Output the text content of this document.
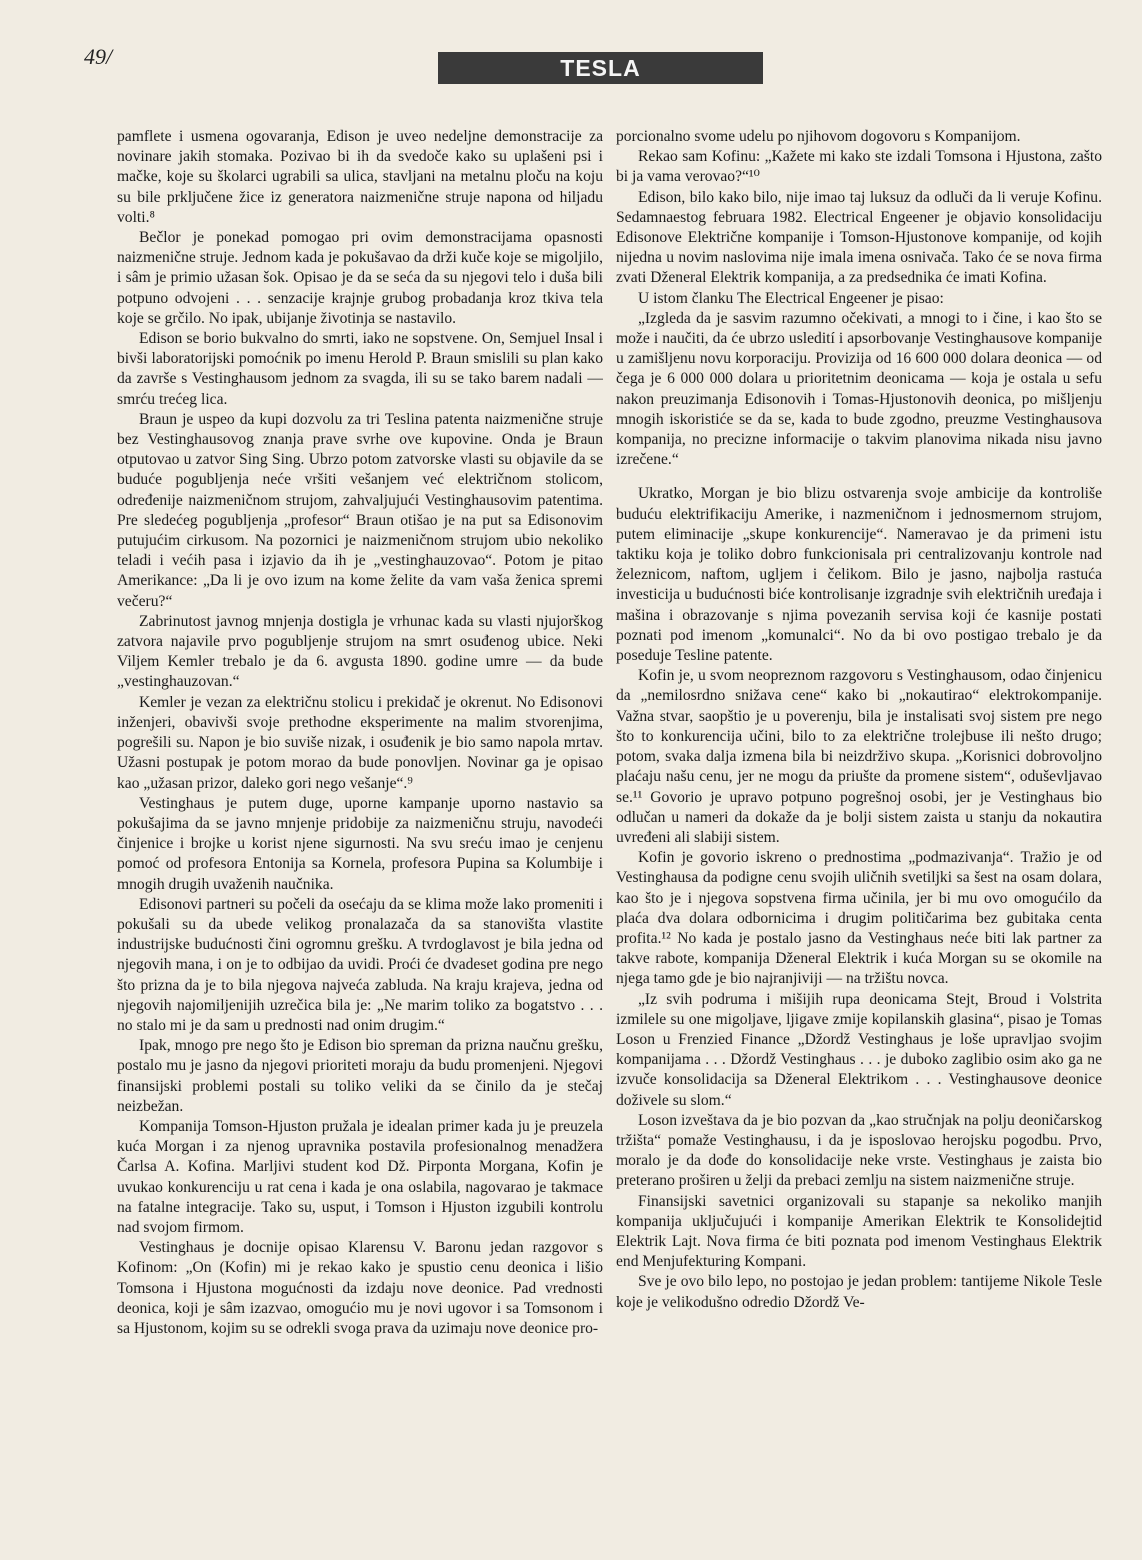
49/	TESLA

pamflete i usmena ogovaranja, Edison je uveo nedeljne demonstracije za novinare jakih stomaka. Pozivao bi ih da svedoče kako su uplašeni psi i mačke, koje su školarci ugrabili sa ulica, stavljani na metalnu ploču na koju su bile prključene žice iz generatora naizmenične struje napona od hiljadu volti.⁸

Bečlor je ponekad pomogao pri ovim demonstracijama opasnosti naizmenične struje. Jednom kada je pokušavao da drži kuče koje se migoljilo, i sâm je primio užasan šok. Opisao je da se seća da su njegovi telo i duša bili potpuno odvojeni . . . senzacije krajnje grubog probadanja kroz tkiva tela koje se grčilo. No ipak, ubijanje životinja se nastavilo.

Edison se borio bukvalno do smrti, iako ne sopstvene. On, Semjuel Insal i bivši laboratorijski pomoćnik po imenu Herold P. Braun smislili su plan kako da završe s Vestinghausom jednom za svagda, ili su se tako barem nadali — smrću trećeg lica.

Braun je uspeo da kupi dozvolu za tri Teslina patenta naizmenične struje bez Vestinghausovog znanja prave svrhe ove kupovine. Onda je Braun otputovao u zatvor Sing Sing. Ubrzo potom zatvorske vlasti su objavile da se buduće pogubljenja neće vršiti vešanjem već električnom stolicom, određenije naizmeničnom strujom, zahvaljujući Vestinghausovim patentima. Pre sledećeg pogubljenja „profesor“ Braun otišao je na put sa Edisonovim putujućim cirkusom. Na pozornici je naizmeničnom strujom ubio nekoliko teladi i većih pasa i izjavio da ih je „vestinghauzovao“. Potom je pitao Amerikance: „Da li je ovo izum na kome želite da vam vaša ženica spremi večeru?“

Zabrinutost javnog mnjenja dostigla je vrhunac kada su vlasti njujorškog zatvora najavile prvo pogubljenje strujom na smrt osuđenog ubice. Neki Viljem Kemler trebalo je da 6. avgusta 1890. godine umre — da bude „vestinghauzovan.“

Kemler je vezan za električnu stolicu i prekidač je okrenut. No Edisonovi inženjeri, obavivši svoje prethodne eksperimente na malim stvorenjima, pogrešili su. Napon je bio suviše nizak, i osuđenik je bio samo napola mrtav. Užasni postupak je potom morao da bude ponovljen. Novinar ga je opisao kao „užasan prizor, daleko gori nego vešanje“.⁹

Vestinghaus je putem duge, uporne kampanje uporno nastavio sa pokušajima da se javno mnjenje pridobije za naizmeničnu struju, navodeći činjenice i brojke u korist njene sigurnosti. Na svu sreću imao je cenjenu pomoć od profesora Entonija sa Kornela, profesora Pupina sa Kolumbije i mnogih drugih uvaženih naučnika.

Edisonovi partneri su počeli da osećaju da se klima može lako promeniti i pokušali su da ubede velikog pronalazača da sa stanovišta vlastite industrijske budućnosti čini ogromnu grešku. A tvrdoglavost je bila jedna od njegovih mana, i on je to odbijao da uvidi. Proći će dvadeset godina pre nego što prizna da je to bila njegova najveća zabluda. Na kraju krajeva, jedna od njegovih najomiljenijih uzrečica bila je: „Ne marim toliko za bogatstvo . . . no stalo mi je da sam u prednosti nad onim drugim.“

Ipak, mnogo pre nego što je Edison bio spreman da prizna naučnu grešku, postalo mu je jasno da njegovi prioriteti moraju da budu promenjeni. Njegovi finansijski problemi postali su toliko veliki da se činilo da je stečaj neizbežan.

Kompanija Tomson-Hjuston pružala je idealan primer kada ju je preuzela kuća Morgan i za njenog upravnika postavila profesionalnog menadžera Čarlsa A. Kofina. Marljivi student kod Dž. Pirponta Morgana, Kofin je uvukao konkurenciju u rat cena i kada je ona oslabila, nagovarao je takmace na fatalne integracije. Tako su, usput, i Tomson i Hjuston izgubili kontrolu nad svojom firmom.

Vestinghaus je docnije opisao Klarensu V. Baronu jedan razgovor s Kofinom: „On (Kofin) mi je rekao kako je spustio cenu deonica i lišio Tomsona i Hjustona mogućnosti da izdaju nove deonice. Pad vrednosti deonica, koji je sâm izazvao, omogućio mu je novi ugovor i sa Tomsonom i sa Hjustonom, kojim su se odrekli svoga prava da uzimaju nove deonice pro-

porcionalno svome udelu po njihovom dogovoru s Kompanijom.

Rekao sam Kofinu: „Kažete mi kako ste izdali Tomsona i Hjustona, zašto bi ja vama verovao?“¹⁰

Edison, bilo kako bilo, nije imao taj luksuz da odluči da li veruje Kofinu. Sedamnaestog februara 1982. Electrical Engeener je objavio konsolidaciju Edisonove Električne kompanije i Tomson-Hjustonove kompanije, od kojih nijedna u novim naslovima nije imala imena osnivača. Tako će se nova firma zvati Dženeral Elektrik kompanija, a za predsednika će imati Kofina.

U istom članku The Electrical Engeener je pisao:

„Izgleda da je sasvim razumno očekivati, a mnogi to i čine, i kao što se može i naučiti, da će ubrzo usledití i apsorbovanje Vestinghausove kompanije u zamišljenu novu korporaciju. Provizija od 16 600 000 dolara deonica — od čega je 6 000 000 dolara u prioritetnim deonicama — koja je ostala u sefu nakon preuzimanja Edisonovih i Tomas-Hjustonovih deonica, po mišljenju mnogih iskoristiće se da se, kada to bude zgodno, preuzme Vestinghausova kompanija, no precizne informacije o takvim planovima nikada nisu javno izrečene.“

Ukratko, Morgan je bio blizu ostvarenja svoje ambicije da kontroliše buduću elektrifikaciju Amerike, i nazmeničnom i jednosmernom strujom, putem eliminacije „skupe konkurencije“. Nameravao je da primeni istu taktiku koja je toliko dobro funkcionisala pri centralizovanju kontrole nad železnicom, naftom, ugljem i čelikom. Bilo je jasno, najbolja rastuća investicija u budućnosti biće kontrolisanje izgradnje svih električnih uređaja i mašina i obrazovanje s njima povezanih servisa koji će kasnije postati poznati pod imenom „komunalci“. No da bi ovo postigao trebalo je da poseduje Tesline patente.

Kofin je, u svom neopreznom razgovoru s Vestinghausom, odao činjenicu da „nemilosrdno snižava cene“ kako bi „nokautirao“ elektrokompanije. Važna stvar, saopštio je u poverenju, bila je instalisati svoj sistem pre nego što to konkurencija učini, bilo to za električne trolejbuse ili nešto drugo; potom, svaka dalja izmena bila bi neizdrživo skupa. „Korisnici dobrovoljno plaćaju našu cenu, jer ne mogu da priušte da promene sistem“, oduševljavao se.¹¹ Govorio je upravo potpuno pogrešnoj osobi, jer je Vestinghaus bio odlučan u nameri da dokaže da je bolji sistem zaista u stanju da nokautira uvređeni ali slabiji sistem.

Kofin je govorio iskreno o prednostima „podmazivanja“. Tražio je od Vestinghausa da podigne cenu svojih uličnih svetiljki sa šest na osam dolara, kao što je i njegova sopstvena firma učinila, jer bi mu ovo omogućilo da plaća dva dolara odbornicima i drugim političarima bez gubitaka centa profita.¹² No kada je postalo jasno da Vestinghaus neće biti lak partner za takve rabote, kompanija Dženeral Elektrik i kuća Morgan su se okomile na njega tamo gde je bio najranjiviji — na tržištu novca.

„Iz svih podruma i mišijih rupa deonicama Stejt, Broud i Volstrita izmilele su one migoljave, ljigave zmije kopilanskih glasina“, pisao je Tomas Loson u Frenzied Finance „Džordž Vestinghaus je loše upravljao svojim kompanijama . . . Džordž Vestinghaus . . . je duboko zaglibio osim ako ga ne izvuče konsolidacija sa Dženeral Elektrikom . . . Vestinghausove deonice doživele su slom.“

Loson izveštava da je bio pozvan da „kao stručnjak na polju deoničarskog tržišta“ pomaže Vestinghausu, i da je isposlovao herojsku pogodbu. Prvo, moralo je da dođe do konsolidacije neke vrste. Vestinghaus je zaista bio preterano proširen u želji da prebaci zemlju na sistem naizmenične struje.

Finansijski savetnici organizovali su stapanje sa nekoliko manjih kompanija uključujući i kompanije Amerikan Elektrik te Konsolidejtid Elektrik Lajt. Nova firma će biti poznata pod imenom Vestinghaus Elektrik end Menjufekturing Kompani.

Sve je ovo bilo lepo, no postojao je jedan problem: tantijeme Nikole Tesle koje je velikodušno odredio Džordž Ve-
